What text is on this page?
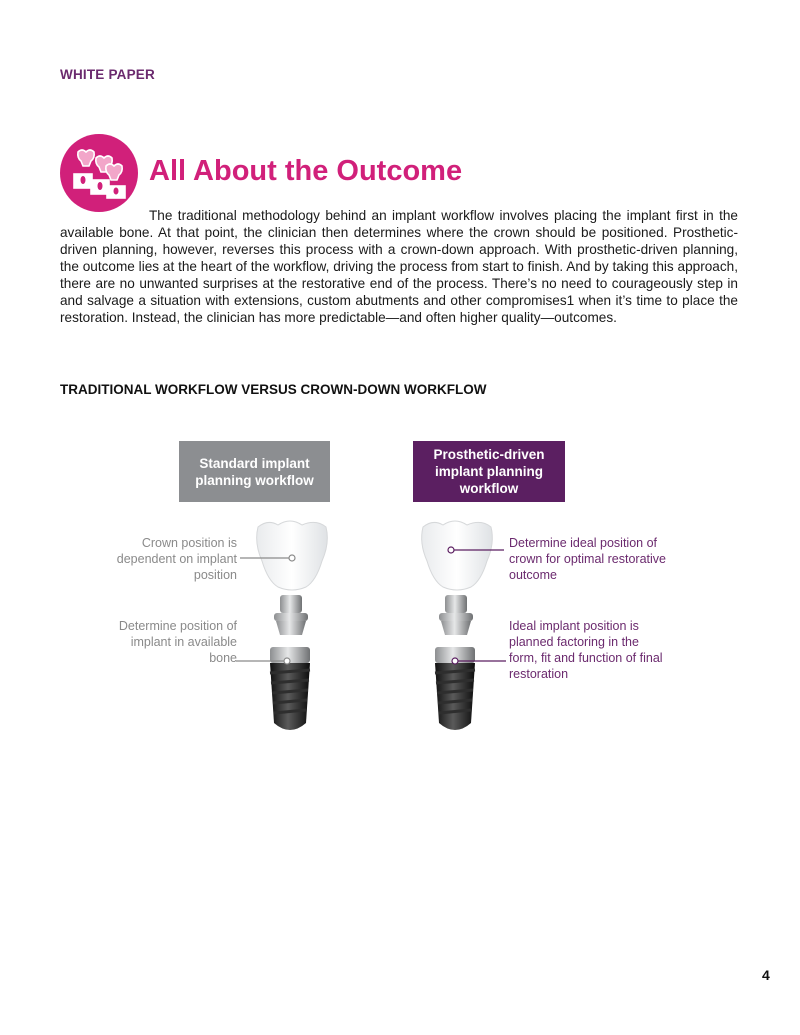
WHITE PAPER
All About the Outcome

The traditional methodology behind an implant workflow involves placing the implant first in the available bone. At that point, the clinician then determines where the crown should be positioned. Prosthetic-driven planning, however, reverses this process with a crown-down approach. With prosthetic-driven planning, the outcome lies at the heart of the workflow, driving the process from start to finish. And by taking this approach, there are no unwanted surprises at the restorative end of the process. There’s no need to courageously step in and salvage a situation with extensions, custom abutments and other compromises1 when it’s time to place the restoration. Instead, the clinician has more predictable—and often higher quality—outcomes.

TRADITIONAL WORKFLOW VERSUS CROWN-DOWN WORKFLOW
Standard implant planning workflow
Prosthetic-driven implant planning workflow
Crown position is dependent on implant position
Determine position of implant in available bone
Determine ideal position of crown for optimal restorative outcome
Ideal implant position is planned factoring in the form, fit and function of final restoration
4
